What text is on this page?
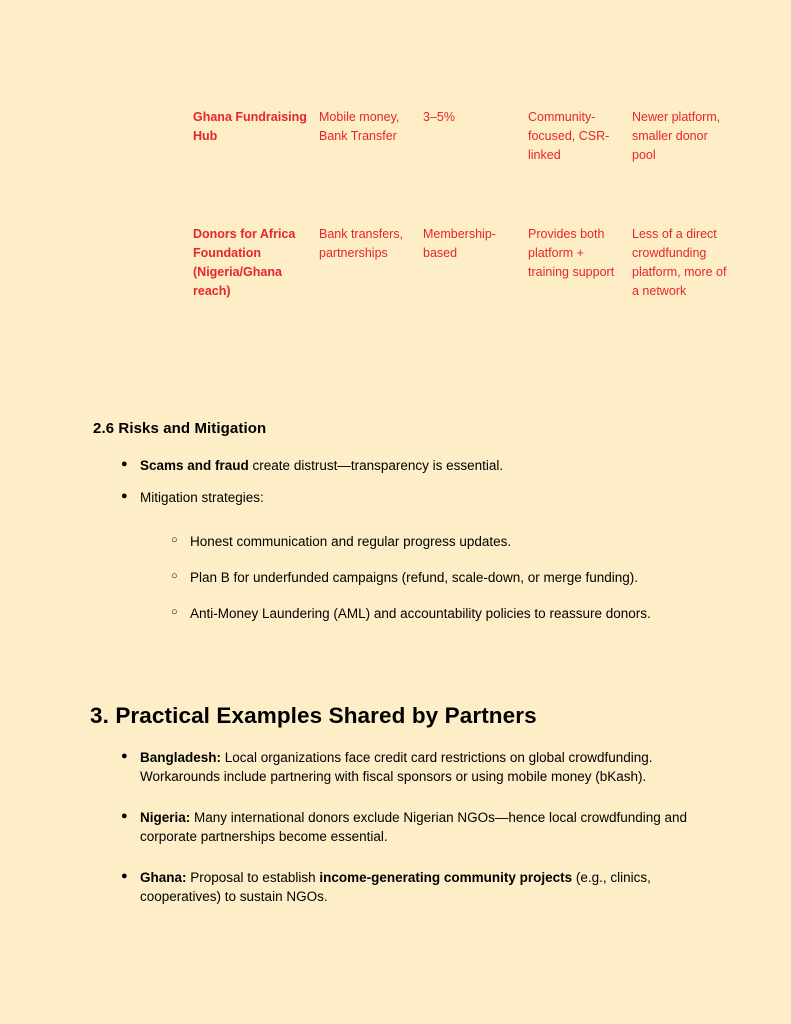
Ghana Fundraising Hub	Mobile money, Bank Transfer	3–5%	Community-focused, CSR-linked	Newer platform, smaller donor pool

Donors for Africa Foundation (Nigeria/Ghana reach)	Bank transfers, partnerships	Membership-based	Provides both platform + training support	Less of a direct crowdfunding platform, more of a network
2.6 Risks and Mitigation
● Scams and fraud create distrust—transparency is essential.
● Mitigation strategies:
○ Honest communication and regular progress updates.
○ Plan B for underfunded campaigns (refund, scale-down, or merge funding).
○ Anti-Money Laundering (AML) and accountability policies to reassure donors.
3. Practical Examples Shared by Partners
● Bangladesh: Local organizations face credit card restrictions on global crowdfunding. Workarounds include partnering with fiscal sponsors or using mobile money (bKash).
● Nigeria: Many international donors exclude Nigerian NGOs—hence local crowdfunding and corporate partnerships become essential.
● Ghana: Proposal to establish income-generating community projects (e.g., clinics, cooperatives) to sustain NGOs.
